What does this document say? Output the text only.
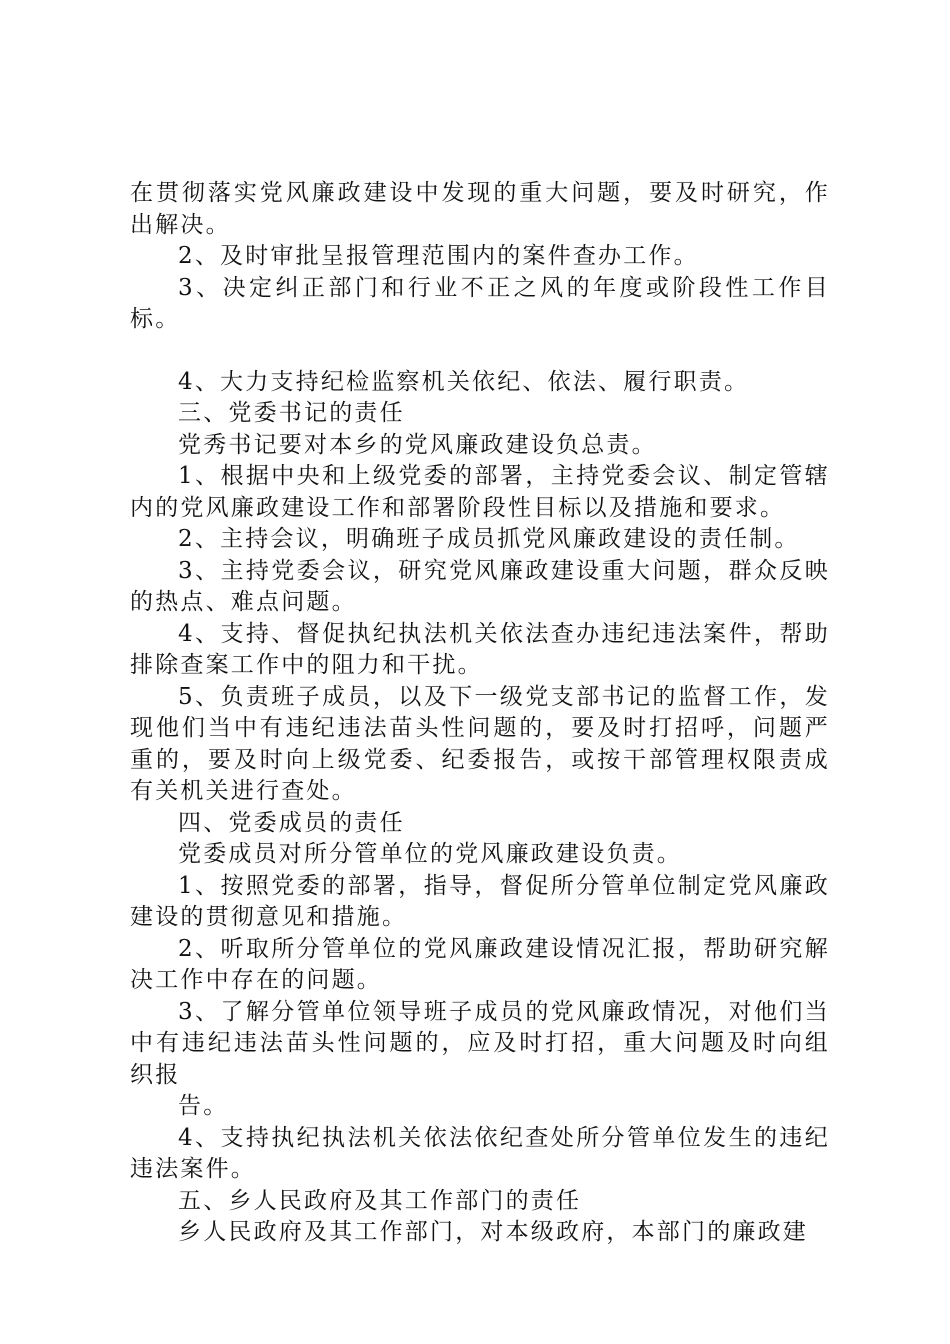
在贯彻落实党风廉政建设中发现的重大问题，要及时研究，作出解决。

2、及时审批呈报管理范围内的案件查办工作。

3、决定纠正部门和行业不正之风的年度或阶段性工作目标。

4、大力支持纪检监察机关依纪、依法、履行职责。

三、党委书记的责任

党秀书记要对本乡的党风廉政建设负总责。

1、根据中央和上级党委的部署，主持党委会议、制定管辖内的党风廉政建设工作和部署阶段性目标以及措施和要求。

2、主持会议，明确班子成员抓党风廉政建设的责任制。

3、主持党委会议，研究党风廉政建设重大问题，群众反映的热点、难点问题。

4、支持、督促执纪执法机关依法查办违纪违法案件，帮助排除查案工作中的阻力和干扰。

5、负责班子成员，以及下一级党支部书记的监督工作，发现他们当中有违纪违法苗头性问题的，要及时打招呼，问题严重的，要及时向上级党委、纪委报告，或按干部管理权限责成有关机关进行查处。

四、党委成员的责任

党委成员对所分管单位的党风廉政建设负责。

1、按照党委的部署，指导，督促所分管单位制定党风廉政建设的贯彻意见和措施。

2、听取所分管单位的党风廉政建设情况汇报，帮助研究解决工作中存在的问题。

3、了解分管单位领导班子成员的党风廉政情况，对他们当中有违纪违法苗头性问题的，应及时打招，重大问题及时向组织报

告。

4、支持执纪执法机关依法依纪查处所分管单位发生的违纪违法案件。

五、乡人民政府及其工作部门的责任

乡人民政府及其工作部门，对本级政府，本部门的廉政建
